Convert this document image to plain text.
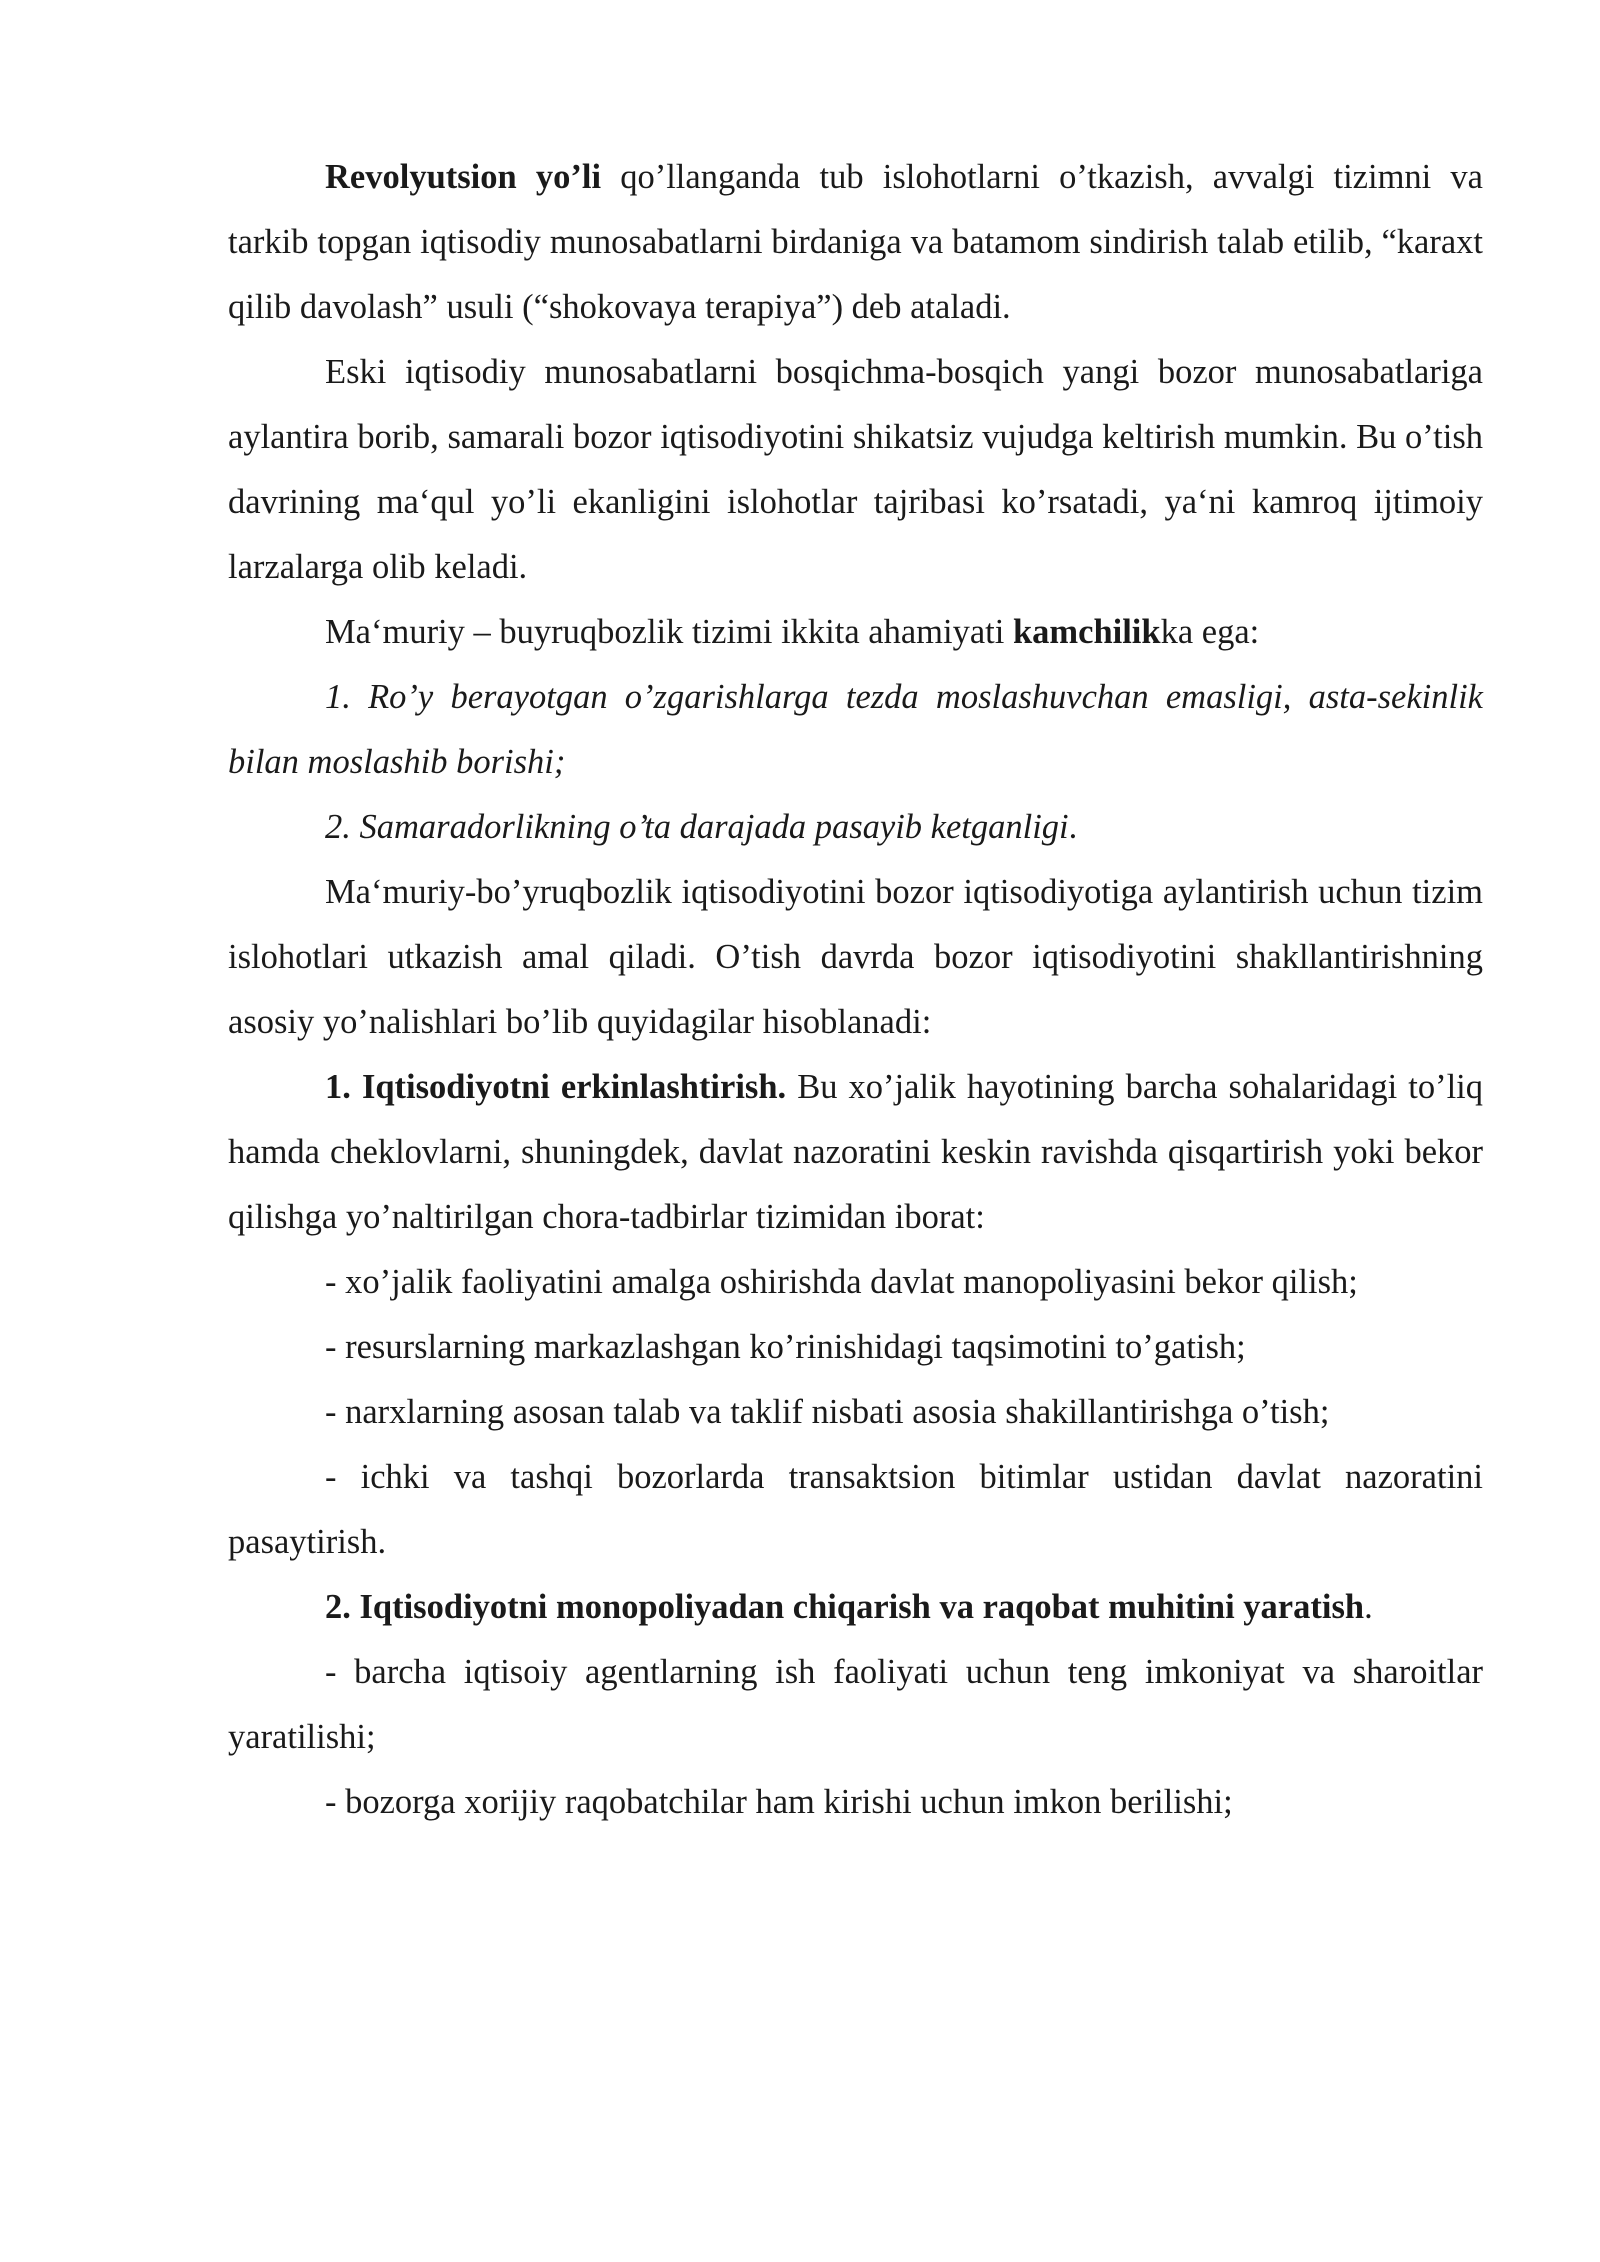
Revolyutsion yo’li qo’llanganda tub islohotlarni o’tkazish, avvalgi tizimni va tarkib topgan iqtisodiy munosabatlarni birdaniga va batamom sindirish talab etilib, “karaxt qilib davolash” usuli (“shokovaya terapiya”) deb ataladi.

Eski iqtisodiy munosabatlarni bosqichma-bosqich yangi bozor munosabatlariga aylantira borib, samarali bozor iqtisodiyotini shikatsiz vujudga keltirish mumkin. Bu o’tish davrining ma‘qul yo’li ekanligini islohotlar tajribasi ko’rsatadi, ya‘ni kamroq ijtimoiy larzalarga olib keladi.

Ma‘muriy – buyruqbozlik tizimi ikkita ahamiyati kamchilikka ega:

1. Ro’y berayotgan o’zgarishlarga tezda moslashuvchan emasligi, asta-sekinlik bilan moslashib borishi;

2. Samaradorlikning o’ta darajada pasayib ketganligi.

Ma‘muriy-bo’yruqbozlik iqtisodiyotini bozor iqtisodiyotiga aylantirish uchun tizim islohotlari utkazish amal qiladi. O’tish davrda bozor iqtisodiyotini shakllantirishning asosiy yo’nalishlari bo’lib quyidagilar hisoblanadi:

1. Iqtisodiyotni erkinlashtirish. Bu xo’jalik hayotining barcha sohalaridagi to’liq hamda cheklovlarni, shuningdek, davlat nazoratini keskin ravishda qisqartirish yoki bekor qilishga yo’naltirilgan chora-tadbirlar tizimidan iborat:

- xo’jalik faoliyatini amalga oshirishda davlat manopoliyasini bekor qilish;

- resurslarning markazlashgan ko’rinishidagi taqsimotini to’gatish;

- narxlarning asosan talab va taklif nisbati asosia shakillantirishga o’tish;

- ichki va tashqi bozorlarda transaktsion bitimlar ustidan davlat nazoratini pasaytirish.

2. Iqtisodiyotni monopoliyadan chiqarish va raqobat muhitini yaratish.

- barcha iqtisoiy agentlarning ish faoliyati uchun teng imkoniyat va sharoitlar yaratilishi;

- bozorga xorijiy raqobatchilar ham kirishi uchun imkon berilishi;
